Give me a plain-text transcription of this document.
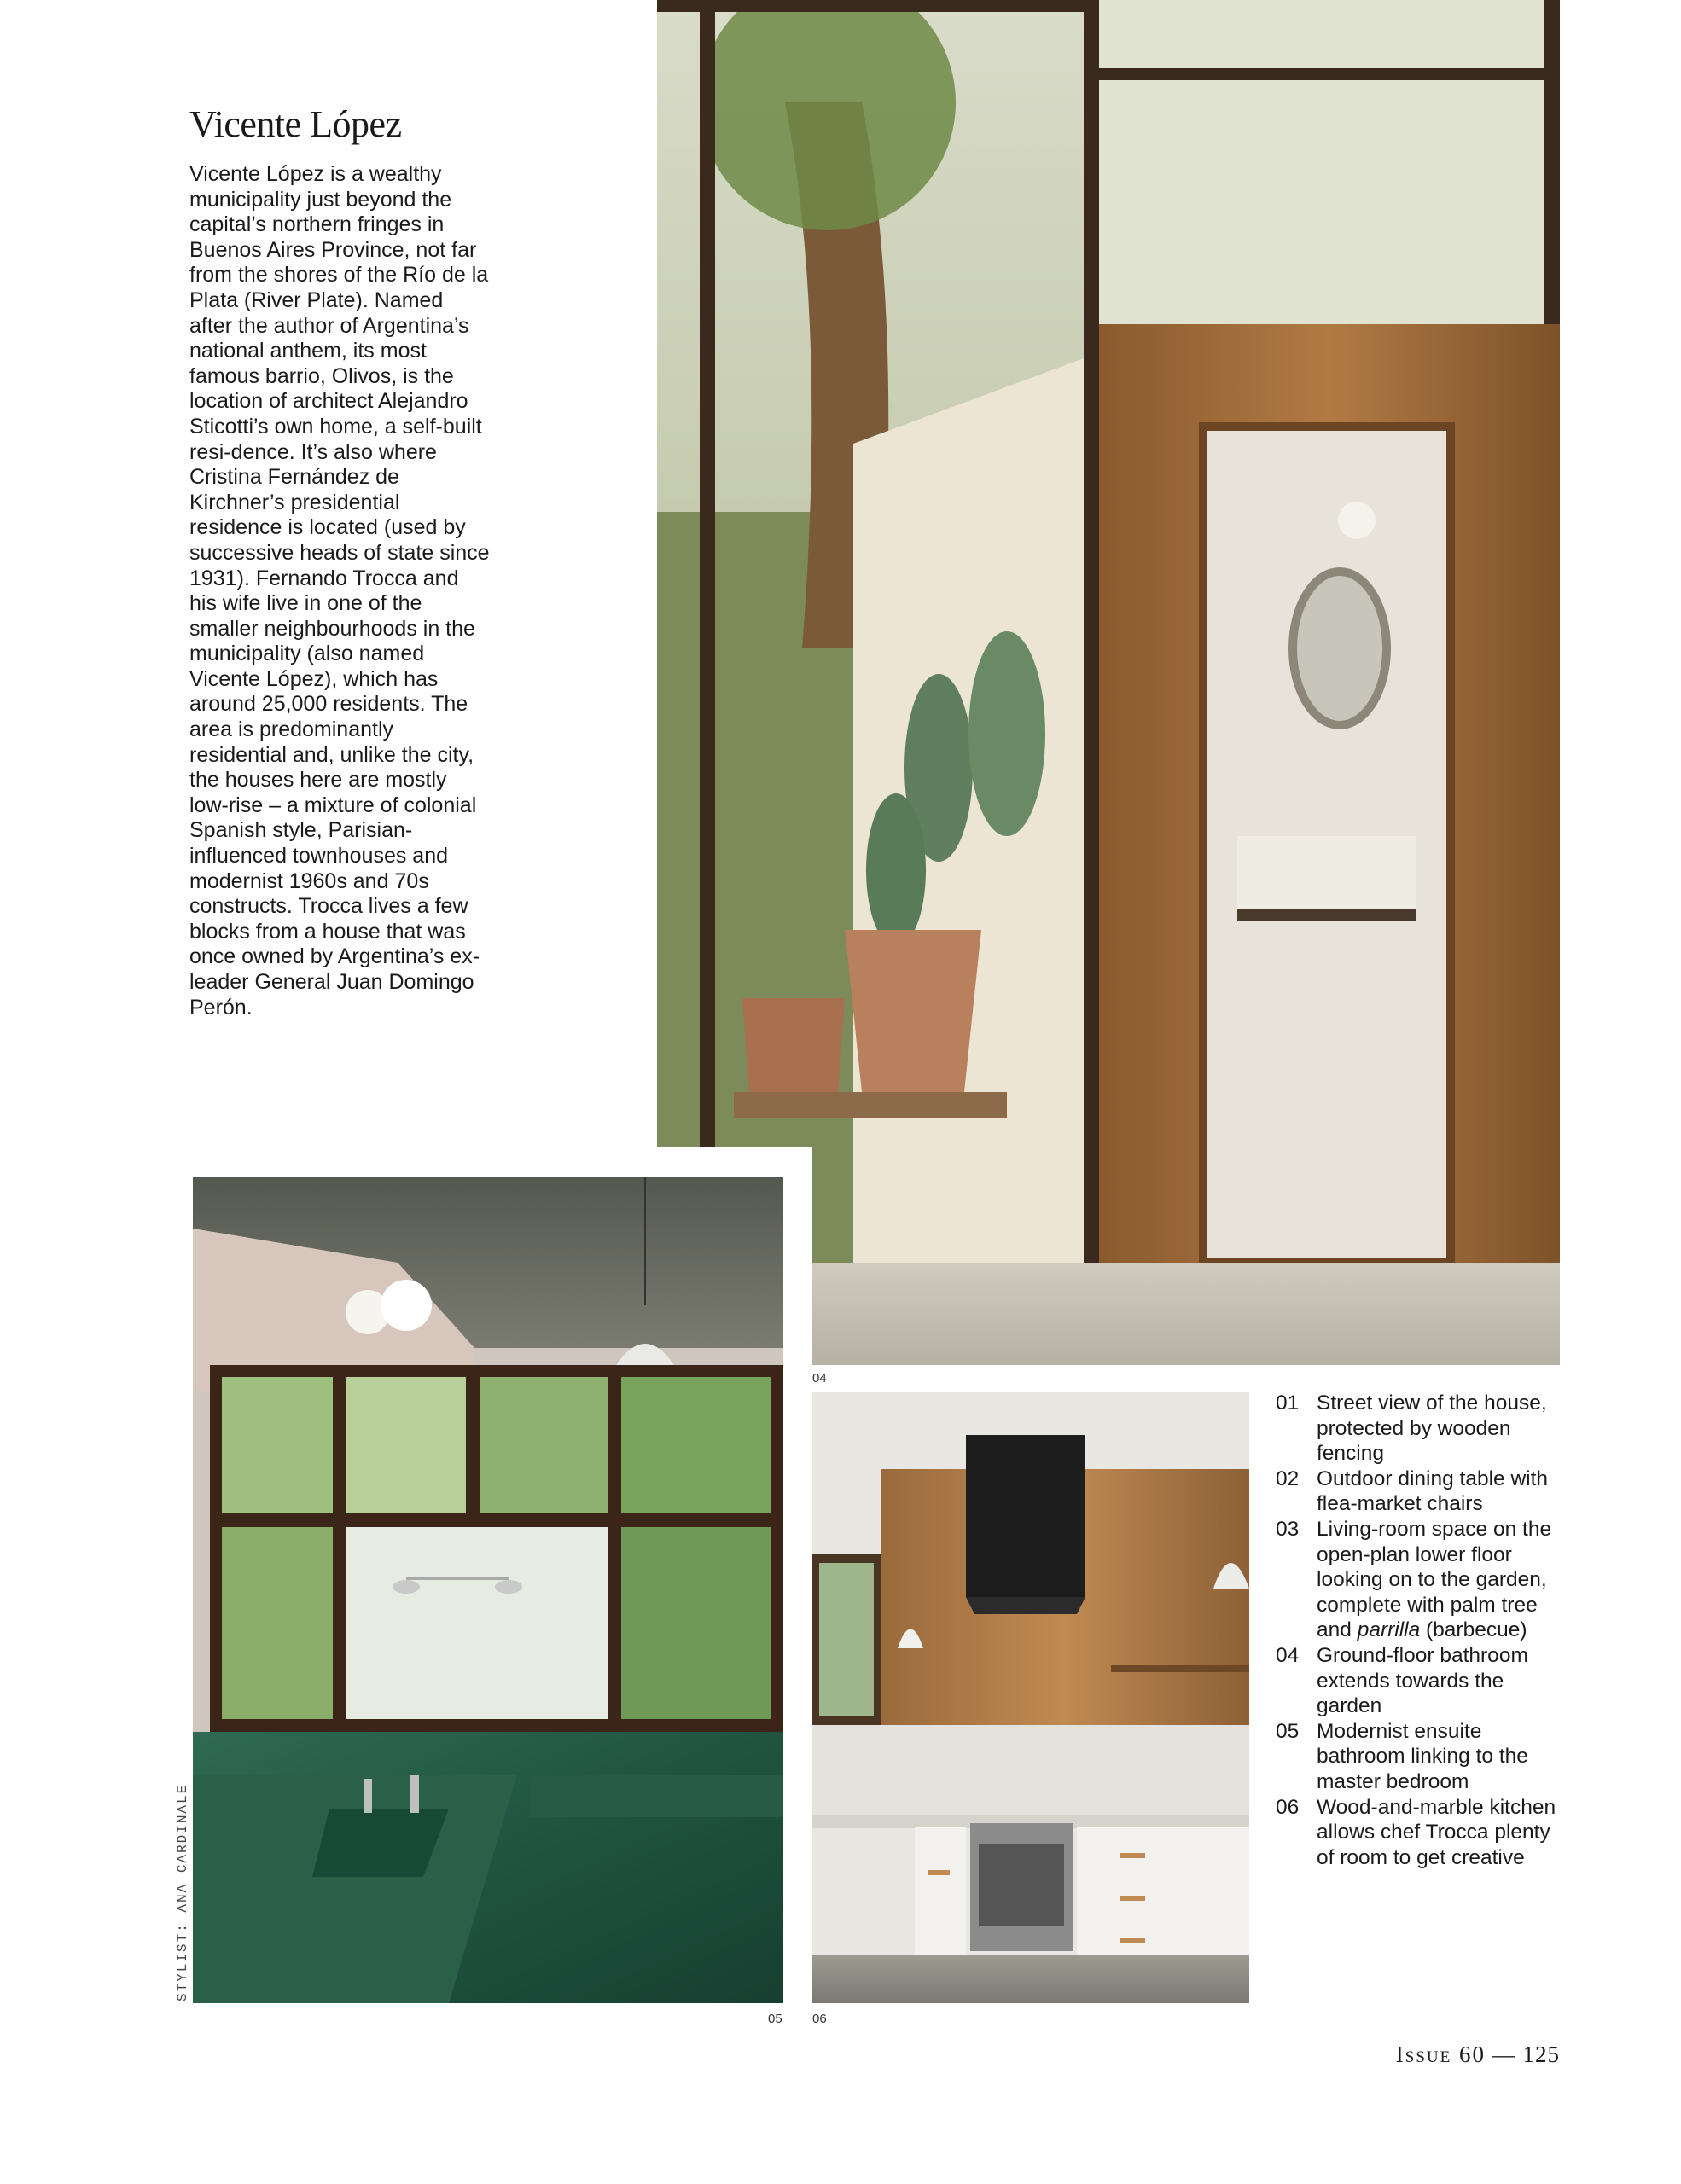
Vicente López
Vicente López is a wealthy municipality just beyond the capital’s northern fringes in Buenos Aires Province, not far from the shores of the Río de la Plata (River Plate). Named after the author of Argentina’s national anthem, its most famous barrio, Olivos, is the location of architect Alejandro Sticotti’s own home, a self-built resi-dence. It’s also where Cristina Fernández de Kirchner’s presidential residence is located (used by successive heads of state since 1931). Fernando Trocca and his wife live in one of the smaller neighbourhoods in the municipality (also named Vicente López), which has around 25,000 residents. The area is predominantly residential and, unlike the city, the houses here are mostly low-rise – a mixture of colonial Spanish style, Parisian-influenced townhouses and modernist 1960s and 70s constructs. Trocca lives a few blocks from a house that was once owned by Argentina’s ex-leader General Juan Domingo Perón.
04
05 06
STYLIST: ANA CARDINALE
01 Street view of the house, protected by wooden fencing
02 Outdoor dining table with flea-market chairs
03 Living-room space on the open-plan lower floor looking on to the garden, complete with palm tree and parrilla (barbecue)
04 Ground-floor bathroom extends towards the garden
05 Modernist ensuite bathroom linking to the master bedroom
06 Wood-and-marble kitchen allows chef Trocca plenty of room to get creative
Issue 60 — 125
